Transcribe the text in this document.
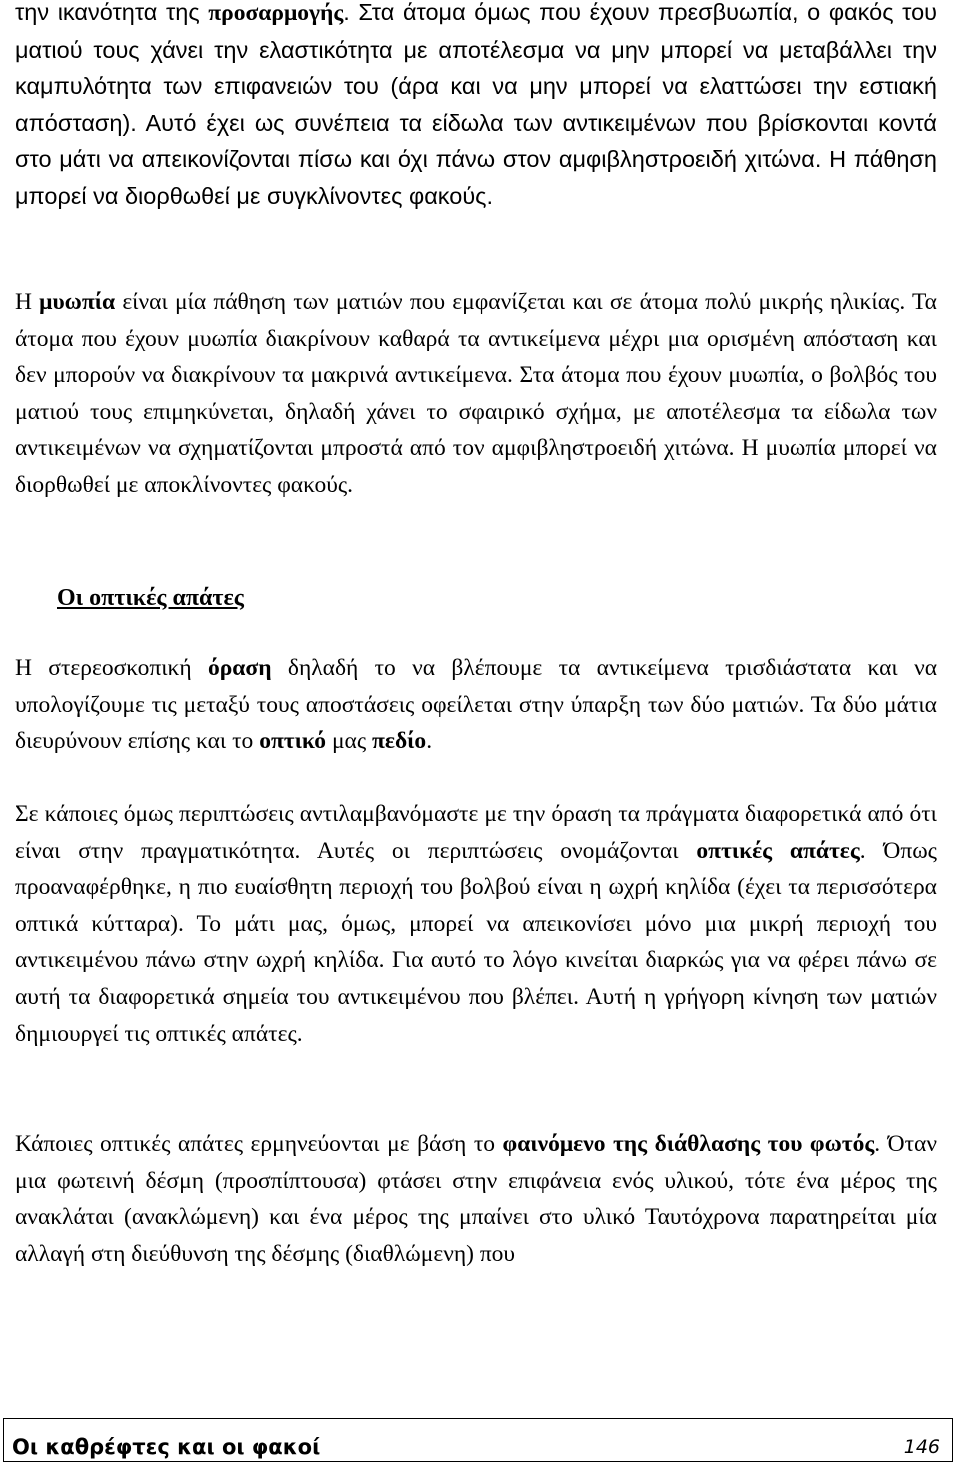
την ικανότητα της προσαρμογής. Στα άτομα όμως που έχουν πρεσβυωπία, ο φακός του ματιού τους χάνει την ελαστικότητα με αποτέλεσμα να μην μπορεί να μεταβάλλει την καμπυλότητα των επιφανειών του (άρα και να μην μπορεί να ελαττώσει την εστιακή απόσταση). Αυτό έχει ως συνέπεια τα είδωλα των αντικειμένων που βρίσκονται κοντά στο μάτι να απεικονίζονται πίσω και όχι πάνω στον αμφιβληστροειδή χιτώνα. Η πάθηση μπορεί να διορθωθεί με συγκλίνοντες φακούς.

Η μυωπία είναι μία πάθηση των ματιών που εμφανίζεται και σε άτομα πολύ μικρής ηλικίας. Τα άτομα που έχουν μυωπία διακρίνουν καθαρά τα αντικείμενα μέχρι μια ορισμένη απόσταση και δεν μπορούν να διακρίνουν τα μακρινά αντικείμενα. Στα άτομα που έχουν μυωπία, ο βολβός του ματιού τους επιμηκύνεται, δηλαδή χάνει το σφαιρικό σχήμα, με αποτέλεσμα τα είδωλα των αντικειμένων να σχηματίζονται μπροστά από τον αμφιβληστροειδή χιτώνα. Η μυωπία μπορεί να διορθωθεί με αποκλίνοντες φακούς.

Οι οπτικές απάτες

Η στερεοσκοπική όραση δηλαδή το να βλέπουμε τα αντικείμενα τρισδιάστατα και να υπολογίζουμε τις μεταξύ τους αποστάσεις οφείλεται στην ύπαρξη των δύο ματιών. Τα δύο μάτια διευρύνουν επίσης και το οπτικό μας πεδίο.

Σε κάποιες όμως περιπτώσεις αντιλαμβανόμαστε με την όραση τα πράγματα διαφορετικά από ότι είναι στην πραγματικότητα. Αυτές οι περιπτώσεις ονομάζονται οπτικές απάτες. Όπως προαναφέρθηκε, η πιο ευαίσθητη περιοχή του βολβού είναι η ωχρή κηλίδα (έχει τα περισσότερα οπτικά κύτταρα). Το μάτι μας, όμως, μπορεί να απεικονίσει μόνο μια μικρή περιοχή του αντικειμένου πάνω στην ωχρή κηλίδα. Για αυτό το λόγο κινείται διαρκώς για να φέρει πάνω σε αυτή τα διαφορετικά σημεία του αντικειμένου που βλέπει. Αυτή η γρήγορη κίνηση των ματιών δημιουργεί τις οπτικές απάτες.

Κάποιες οπτικές απάτες ερμηνεύονται με βάση το φαινόμενο της διάθλασης του φωτός. Όταν μια φωτεινή δέσμη (προσπίπτουσα) φτάσει στην επιφάνεια ενός υλικού, τότε ένα μέρος της ανακλάται (ανακλώμενη) και ένα μέρος της μπαίνει στο υλικό Ταυτόχρονα παρατηρείται μία αλλαγή στη διεύθυνση της δέσμης (διαθλώμενη) που

Οι καθρέφτες και οι φακοί	146
